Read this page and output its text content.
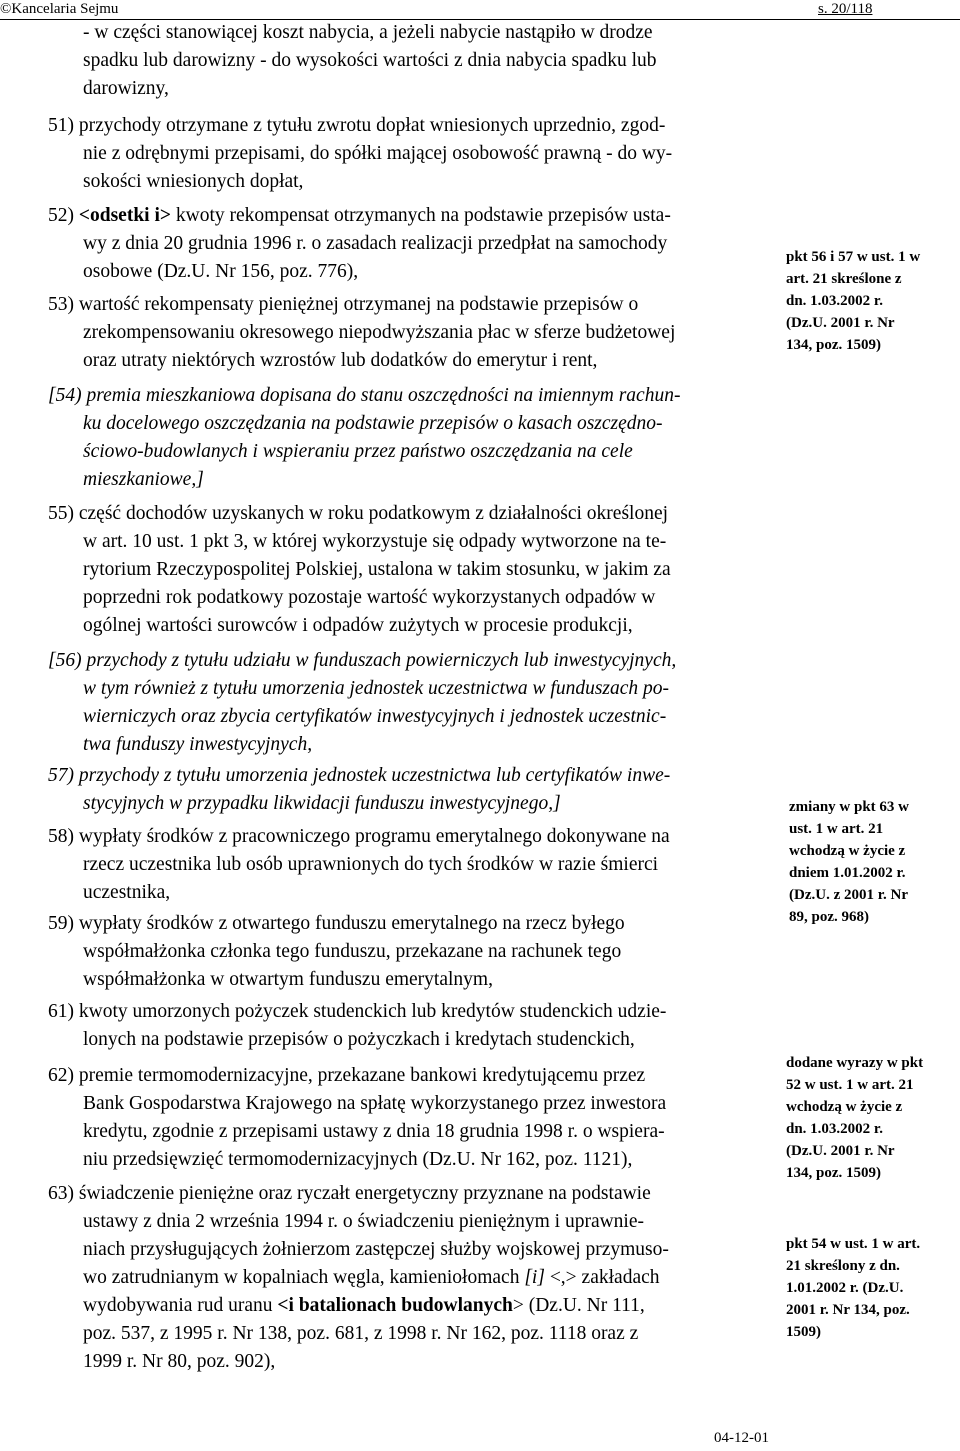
©Kancelaria Sejmu	s. 20/118
- w części stanowiącej koszt nabycia, a jeżeli nabycie nastąpiło w drodze
spadku lub darowizny - do wysokości wartości z dnia nabycia spadku lub
darowizny,
51) przychody otrzymane z tytułu zwrotu dopłat wniesionych uprzednio, zgod-
nie z odrębnymi przepisami, do spółki mającej osobowość prawną - do wy-
sokości wniesionych dopłat,
52) <odsetki i> kwoty rekompensat otrzymanych na podstawie przepisów usta-
wy z dnia 20 grudnia 1996 r. o zasadach realizacji przedpłat na samochody
osobowe (Dz.U. Nr 156, poz. 776),
53) wartość rekompensaty pieniężnej otrzymanej na podstawie przepisów o
zrekompensowaniu okresowego niepodwyższania płac w sferze budżetowej
oraz utraty niektórych wzrostów lub dodatków do emerytur i rent,
[54) premia mieszkaniowa dopisana do stanu oszczędności na imiennym rachun-
ku docelowego oszczędzania na podstawie przepisów o kasach oszczędno-
ściowo-budowlanych i wspieraniu przez państwo oszczędzania na cele
mieszkaniowe,]
55) część dochodów uzyskanych w roku podatkowym z działalności określonej
w art. 10 ust. 1 pkt 3, w której wykorzystuje się odpady wytworzone na te-
rytorium Rzeczypospolitej Polskiej, ustalona w takim stosunku, w jakim za
poprzedni rok podatkowy pozostaje wartość wykorzystanych odpadów w
ogólnej wartości surowców i odpadów zużytych w procesie produkcji,
[56) przychody z tytułu udziału w funduszach powierniczych lub inwestycyjnych,
w tym również z tytułu umorzenia jednostek uczestnictwa w funduszach po-
wierniczych oraz zbycia certyfikatów inwestycyjnych i jednostek uczestnic-
twa funduszy inwestycyjnych,
57) przychody z tytułu umorzenia jednostek uczestnictwa lub certyfikatów inwe-
stycyjnych w przypadku likwidacji funduszu inwestycyjnego,]
58) wypłaty środków z pracowniczego programu emerytalnego dokonywane na
rzecz uczestnika lub osób uprawnionych do tych środków w razie śmierci
uczestnika,
59) wypłaty środków z otwartego funduszu emerytalnego na rzecz byłego
współmałżonka członka tego funduszu, przekazane na rachunek tego
współmałżonka w otwartym funduszu emerytalnym,
61) kwoty umorzonych pożyczek studenckich lub kredytów studenckich udzie-
lonych na podstawie przepisów o pożyczkach i kredytach studenckich,
62) premie termomodernizacyjne, przekazane bankowi kredytującemu przez
Bank Gospodarstwa Krajowego na spłatę wykorzystanego przez inwestora
kredytu, zgodnie z przepisami ustawy z dnia 18 grudnia 1998 r. o wspiera-
niu przedsięwzięć termomodernizacyjnych (Dz.U. Nr 162, poz. 1121),
63) świadczenie pieniężne oraz ryczałt energetyczny przyznane na podstawie
ustawy z dnia 2 września 1994 r. o świadczeniu pieniężnym i uprawnie-
niach przysługujących żołnierzom zastępczej służby wojskowej przymuso-
wo zatrudnianym w kopalniach węgla, kamieniołomach [i] <,> zakładach
wydobywania rud uranu <i batalionach budowlanych> (Dz.U. Nr 111,
poz. 537, z 1995 r. Nr 138, poz. 681, z 1998 r. Nr 162, poz. 1118 oraz z
1999 r. Nr 80, poz. 902),
pkt 56 i 57 w ust. 1 w
art. 21 skreślone z
dn. 1.03.2002 r.
(Dz.U. 2001 r. Nr
134, poz. 1509)
zmiany w pkt 63 w
ust. 1 w art. 21
wchodzą w życie z
dniem 1.01.2002 r.
(Dz.U. z 2001 r. Nr
89, poz. 968)
dodane wyrazy w pkt
52 w ust. 1 w art. 21
wchodzą w życie z
dn. 1.03.2002 r.
(Dz.U. 2001 r. Nr
134, poz. 1509)
pkt 54 w ust. 1 w art.
21 skreślony z dn.
1.01.2002 r. (Dz.U.
2001 r. Nr 134, poz.
1509)
04-12-01
